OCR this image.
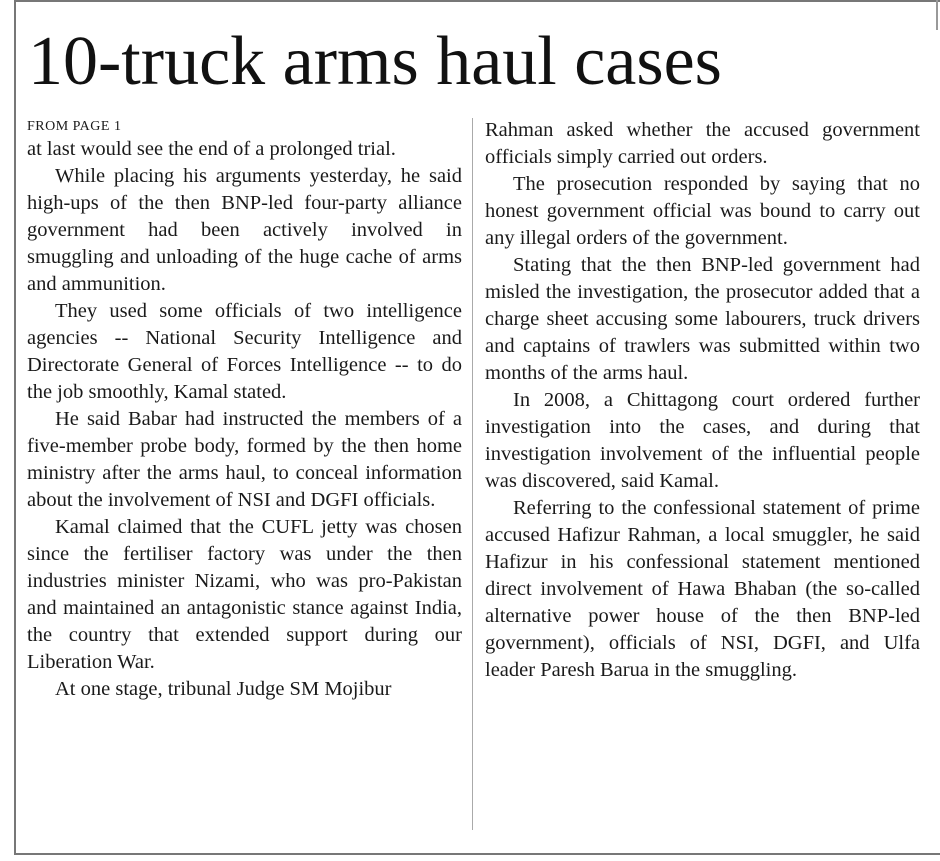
10-truck arms haul cases
FROM PAGE 1

at last would see the end of a prolonged trial.

While placing his arguments yesterday, he said high-ups of the then BNP-led four-party alliance government had been actively involved in smuggling and unloading of the huge cache of arms and ammunition.

They used some officials of two intelligence agencies -- National Security Intelligence and Directorate General of Forces Intelligence -- to do the job smoothly, Kamal stated.

He said Babar had instructed the members of a five-member probe body, formed by the then home ministry after the arms haul, to conceal information about the involvement of NSI and DGFI officials.

Kamal claimed that the CUFL jetty was chosen since the fertiliser factory was under the then industries minister Nizami, who was pro-Pakistan and maintained an antagonistic stance against India, the country that extended support during our Liberation War.

At one stage, tribunal Judge SM Mojibur

Rahman asked whether the accused government officials simply carried out orders.

The prosecution responded by saying that no honest government official was bound to carry out any illegal orders of the government.

Stating that the then BNP-led government had misled the investigation, the prosecutor added that a charge sheet accusing some labourers, truck drivers and captains of trawlers was submitted within two months of the arms haul.

In 2008, a Chittagong court ordered further investigation into the cases, and during that investigation involvement of the influential people was discovered, said Kamal.

Referring to the confessional statement of prime accused Hafizur Rahman, a local smuggler, he said Hafizur in his confessional statement mentioned direct involvement of Hawa Bhaban (the so-called alternative power house of the then BNP-led government), officials of NSI, DGFI, and Ulfa leader Paresh Barua in the smuggling.
